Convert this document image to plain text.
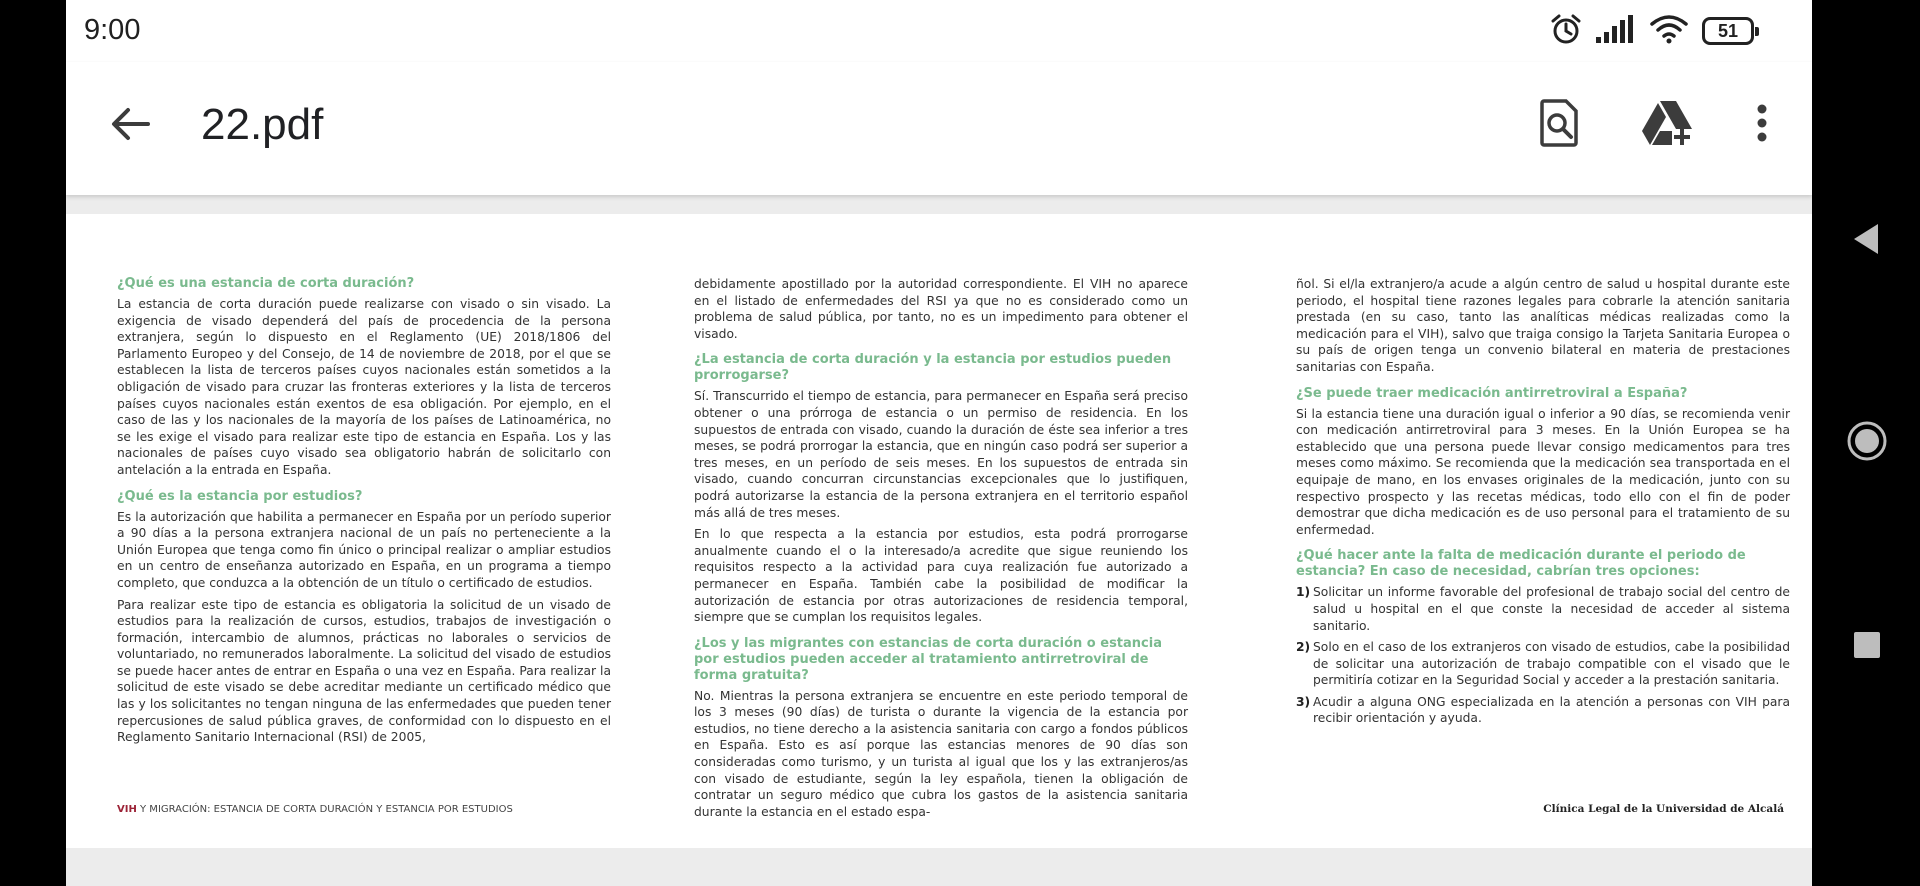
9:00	51
22.pdf
¿Qué es una estancia de corta duración?

La estancia de corta duración puede realizarse con visado o sin visado. La exigencia de visado dependerá del país de procedencia de la persona extranjera, según lo dispuesto en el Reglamento (UE) 2018/1806 del Parlamento Europeo y del Consejo, de 14 de noviembre de 2018, por el que se establecen la lista de terceros países cuyos nacionales están sometidos a la obligación de visado para cruzar las fronteras exteriores y la lista de terceros países cuyos nacionales están exentos de esa obligación. Por ejemplo, en el caso de las y los nacionales de la mayoría de los países de Latinoamérica, no se les exige el visado para realizar este tipo de estancia en España. Los y las nacionales de países cuyo visado sea obligatorio habrán de solicitarlo con antelación a la entrada en España.

¿Qué es la estancia por estudios?

Es la autorización que habilita a permanecer en España por un período superior a 90 días a la persona extranjera nacional de un país no perteneciente a la Unión Europea que tenga como fin único o principal realizar o ampliar estudios en un centro de enseñanza autorizado en España, en un programa a tiempo completo, que conduzca a la obtención de un título o certificado de estudios.

Para realizar este tipo de estancia es obligatoria la solicitud de un visado de estudios para la realización de cursos, estudios, trabajos de investigación o formación, intercambio de alumnos, prácticas no laborales o servicios de voluntariado, no remunerados laboralmente. La solicitud del visado de estudios se puede hacer antes de entrar en España o una vez en España. Para realizar la solicitud de este visado se debe acreditar mediante un certificado médico que las y los solicitantes no tengan ninguna de las enfermedades que pueden tener repercusiones de salud pública graves, de conformidad con lo dispuesto en el Reglamento Sanitario Internacional (RSI) de 2005,

debidamente apostillado por la autoridad correspondiente. El VIH no aparece en el listado de enfermedades del RSI ya que no es considerado como un problema de salud pública, por tanto, no es un impedimento para obtener el visado.

¿La estancia de corta duración y la estancia por estudios pueden prorrogarse?

Sí. Transcurrido el tiempo de estancia, para permanecer en España será preciso obtener o una prórroga de estancia o un permiso de residencia. En los supuestos de entrada con visado, cuando la duración de éste sea inferior a tres meses, se podrá prorrogar la estancia, que en ningún caso podrá ser superior a tres meses, en un período de seis meses. En los supuestos de entrada sin visado, cuando concurran circunstancias excepcionales que lo justifiquen, podrá autorizarse la estancia de la persona extranjera en el territorio español más allá de tres meses.

En lo que respecta a la estancia por estudios, esta podrá prorrogarse anualmente cuando el o la interesado/a acredite que sigue reuniendo los requisitos respecto a la actividad para cuya realización fue autorizado a permanecer en España. También cabe la posibilidad de modificar la autorización de estancia por otras autorizaciones de residencia temporal, siempre que se cumplan los requisitos legales.

¿Los y las migrantes con estancias de corta duración o estancia por estudios pueden acceder al tratamiento antirretroviral de forma gratuita?

No. Mientras la persona extranjera se encuentre en este periodo temporal de los 3 meses (90 días) de turista o durante la vigencia de la estancia por estudios, no tiene derecho a la asistencia sanitaria con cargo a fondos públicos en España. Esto es así porque las estancias menores de 90 días son consideradas como turismo, y un turista al igual que los y las extranjeros/as con visado de estudiante, según la ley española, tienen la obligación de contratar un seguro médico que cubra los gastos de la asistencia sanitaria durante la estancia en el estado espa-

ñol. Si el/la extranjero/a acude a algún centro de salud u hospital durante este periodo, el hospital tiene razones legales para cobrarle la atención sanitaria prestada (en su caso, tanto las analíticas médicas realizadas como la medicación para el VIH), salvo que traiga consigo la Tarjeta Sanitaria Europea o su país de origen tenga un convenio bilateral en materia de prestaciones sanitarias con España.

¿Se puede traer medicación antirretroviral a España?

Si la estancia tiene una duración igual o inferior a 90 días, se recomienda venir con medicación antirretroviral para 3 meses. En la Unión Europea se ha establecido que una persona puede llevar consigo medicamentos para tres meses como máximo. Se recomienda que la medicación sea transportada en el equipaje de mano, en los envases originales de la medicación, junto con su respectivo prospecto y las recetas médicas, todo ello con el fin de poder demostrar que dicha medicación es de uso personal para el tratamiento de su enfermedad.

¿Qué hacer ante la falta de medicación durante el periodo de estancia? En caso de necesidad, cabrían tres opciones:
1) Solicitar un informe favorable del profesional de trabajo social del centro de salud u hospital en el que conste la necesidad de acceder al sistema sanitario.
2) Solo en el caso de los extranjeros con visado de estudios, cabe la posibilidad de solicitar una autorización de trabajo compatible con el visado que le permitiría cotizar en la Seguridad Social y acceder a la prestación sanitaria.
3) Acudir a alguna ONG especializada en la atención a personas con VIH para recibir orientación y ayuda.
VIH Y MIGRACIÓN: ESTANCIA DE CORTA DURACIÓN Y ESTANCIA POR ESTUDIOS	Clínica Legal de la Universidad de Alcalá
